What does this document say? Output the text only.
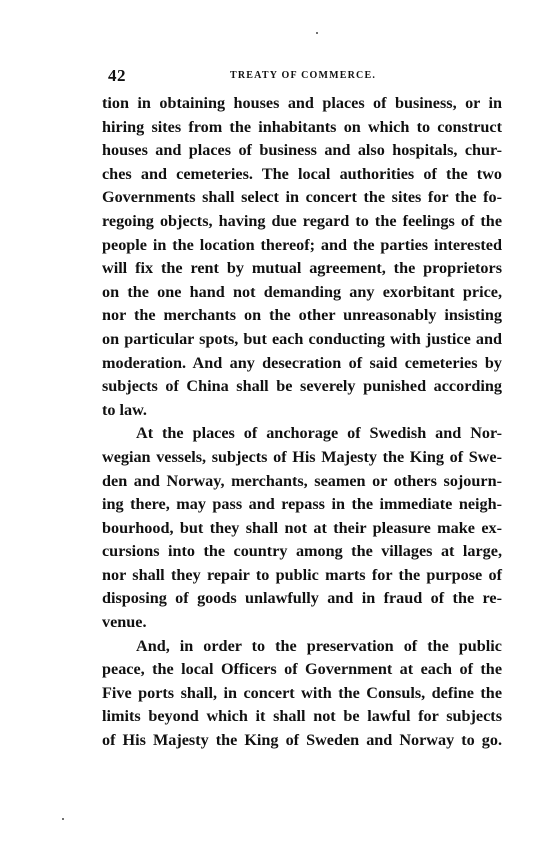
42	TREATY OF COMMERCE.
tion in obtaining houses and places of business, or in
hiring sites from the inhabitants on which to construct
houses and places of business and also hospitals, chur-
ches and cemeteries. The local authorities of the two
Governments shall select in concert the sites for the fo-
regoing objects, having due regard to the feelings of the
people in the location thereof; and the parties interested
will fix the rent by mutual agreement, the proprietors
on the one hand not demanding any exorbitant price,
nor the merchants on the other unreasonably insisting
on particular spots, but each conducting with justice and
moderation. And any desecration of said cemeteries by
subjects of China shall be severely punished according
to law.
At the places of anchorage of Swedish and Nor-
wegian vessels, subjects of His Majesty the King of Swe-
den and Norway, merchants, seamen or others sojourn-
ing there, may pass and repass in the immediate neigh-
bourhood, but they shall not at their pleasure make ex-
cursions into the country among the villages at large,
nor shall they repair to public marts for the purpose of
disposing of goods unlawfully and in fraud of the re-
venue.
And, in order to the preservation of the public
peace, the local Officers of Government at each of the
Five ports shall, in concert with the Consuls, define the
limits beyond which it shall not be lawful for subjects
of His Majesty the King of Sweden and Norway to go.
